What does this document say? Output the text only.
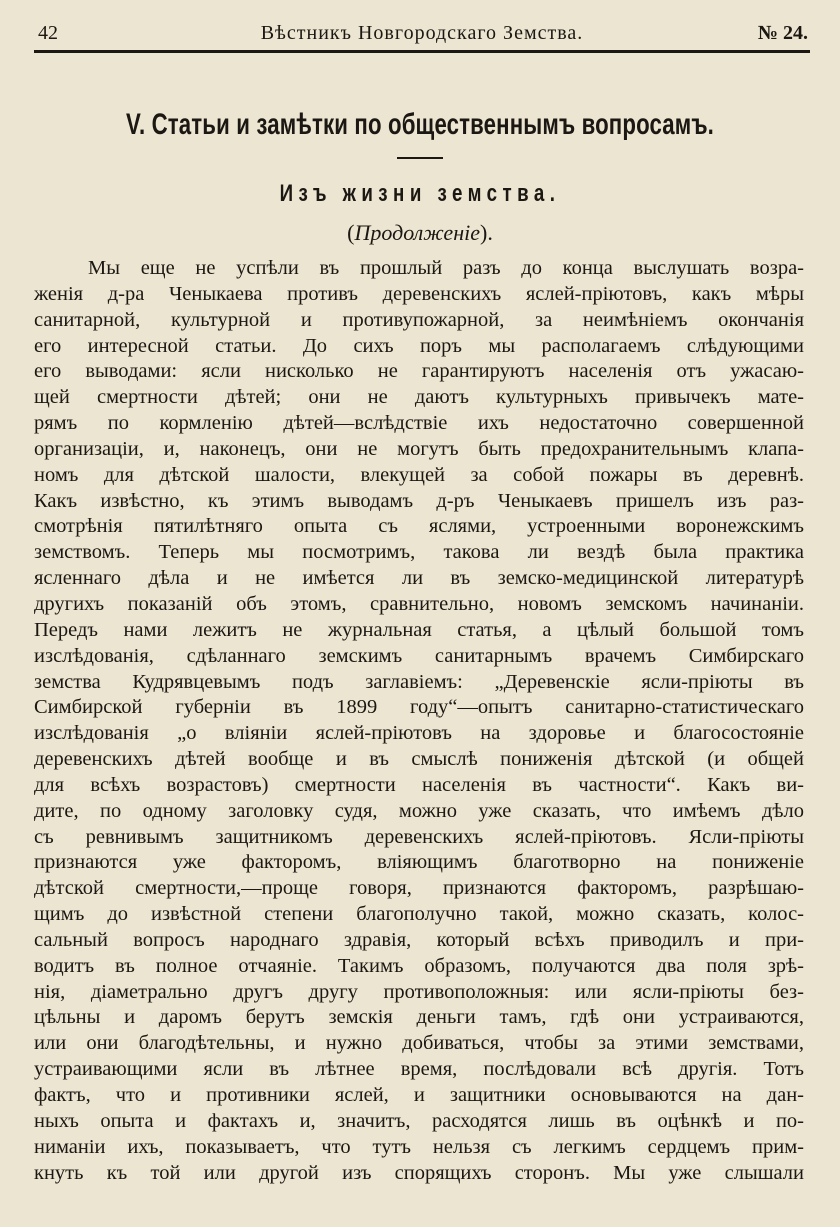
42	Вѣстникъ Новгородскаго Земства.	№ 24.
V. Статьи и замѣтки по общественнымъ вопросамъ.
Изъ жизни земства.
(Продолженіе).
Мы еще не успѣли въ прошлый разъ до конца выслушать возра-
женія д-ра Ченыкаева противъ деревенскихъ яслей-пріютовъ, какъ мѣры
санитарной, культурной и противупожарной, за неимѣніемъ окончанія
его интересной статьи. До сихъ поръ мы располагаемъ слѣдующими
его выводами: ясли нисколько не гарантируютъ населенія отъ ужасаю-
щей смертности дѣтей; они не даютъ культурныхъ привычекъ мате-
рямъ по кормленію дѣтей—вслѣдствіе ихъ недостаточно совершенной
организаціи, и, наконецъ, они не могутъ быть предохранительнымъ клапа-
номъ для дѣтской шалости, влекущей за собой пожары въ деревнѣ.
Какъ извѣстно, къ этимъ выводамъ д-ръ Ченыкаевъ пришелъ изъ раз-
смотрѣнія пятилѣтняго опыта съ яслями, устроенными воронежскимъ
земствомъ. Теперь мы посмотримъ, такова ли вездѣ была практика
ясленнаго дѣла и не имѣется ли въ земско-медицинской литературѣ
другихъ показаній объ этомъ, сравнительно, новомъ земскомъ начинаніи.
Передъ нами лежитъ не журнальная статья, а цѣлый большой томъ
изслѣдованія, сдѣланнаго земскимъ санитарнымъ врачемъ Симбирскаго
земства Кудрявцевымъ подъ заглавіемъ: „Деревенскіе ясли-пріюты въ
Симбирской губерніи въ 1899 году“—опытъ санитарно-статистическаго
изслѣдованія „о вліяніи яслей-пріютовъ на здоровье и благосостояніе
деревенскихъ дѣтей вообще и въ смыслѣ пониженія дѣтской (и общей
для всѣхъ возрастовъ) смертности населенія въ частности“. Какъ ви-
дите, по одному заголовку судя, можно уже сказать, что имѣемъ дѣло
съ ревнивымъ защитникомъ деревенскихъ яслей-пріютовъ. Ясли-пріюты
признаются уже факторомъ, вліяющимъ благотворно на пониженіе
дѣтской смертности,—проще говоря, признаются факторомъ, разрѣшаю-
щимъ до извѣстной степени благополучно такой, можно сказать, колос-
сальный вопросъ народнаго здравія, который всѣхъ приводилъ и при-
водитъ въ полное отчаяніе. Такимъ образомъ, получаются два поля зрѣ-
нія, діаметрально другъ другу противоположныя: или ясли-пріюты без-
цѣльны и даромъ берутъ земскія деньги тамъ, гдѣ они устраиваются,
или они благодѣтельны, и нужно добиваться, чтобы за этими земствами,
устраивающими ясли въ лѣтнее время, послѣдовали всѣ другія. Тотъ
фактъ, что и противники яслей, и защитники основываются на дан-
ныхъ опыта и фактахъ и, значитъ, расходятся лишь въ оцѣнкѣ и по-
ниманіи ихъ, показываетъ, что тутъ нельзя съ легкимъ сердцемъ прим-
кнуть къ той или другой изъ спорящихъ сторонъ. Мы уже слышали
